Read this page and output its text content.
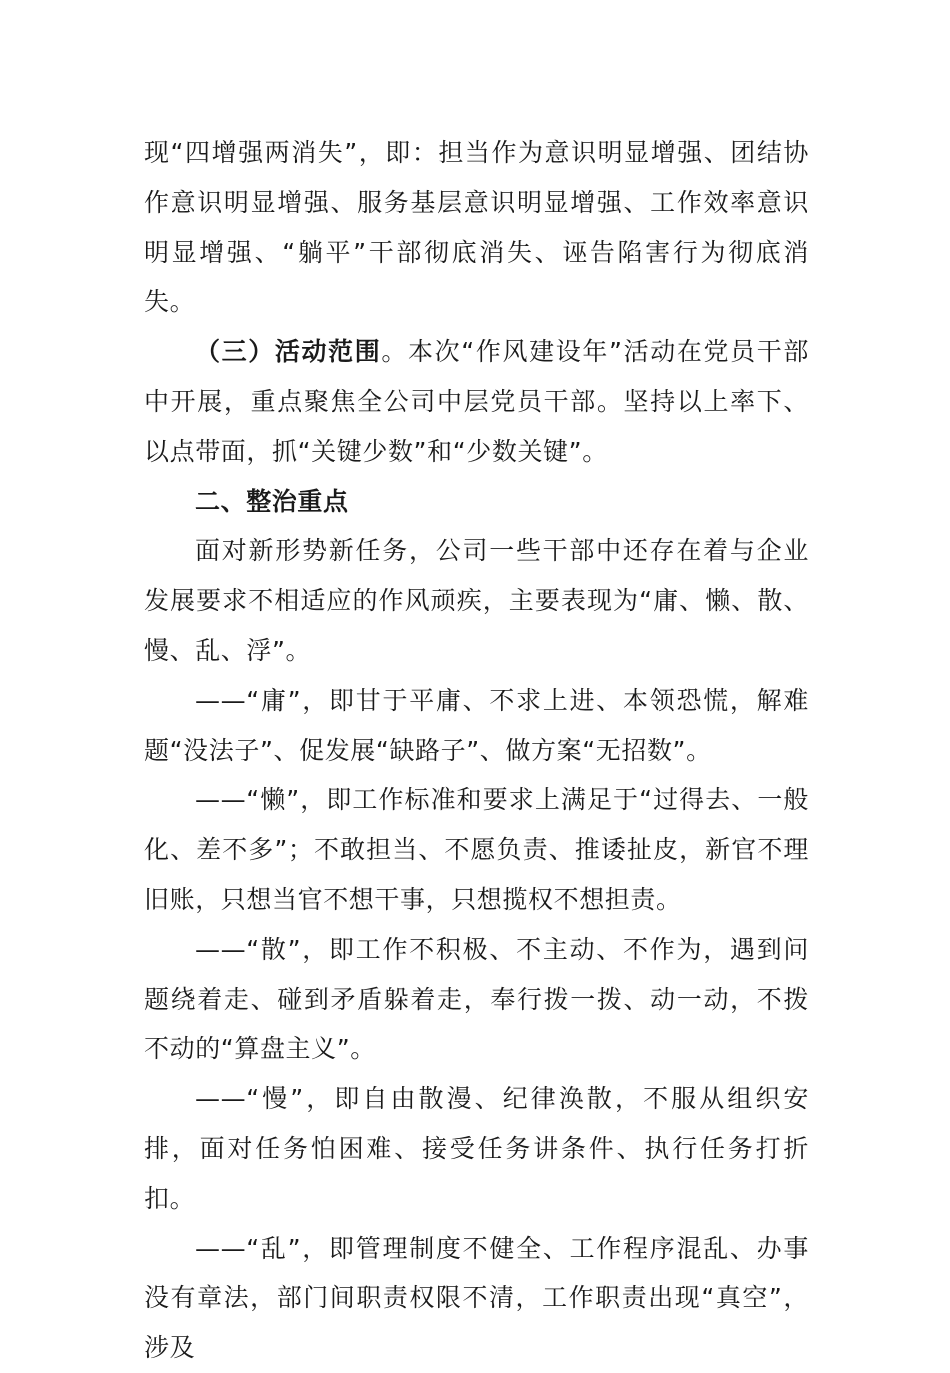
现“四增强两消失”，即：担当作为意识明显增强、团结协作意识明显增强、服务基层意识明显增强、工作效率意识明显增强、“躺平”干部彻底消失、诬告陷害行为彻底消失。

（三）活动范围。本次“作风建设年”活动在党员干部中开展，重点聚焦全公司中层党员干部。坚持以上率下、以点带面，抓“关键少数”和“少数关键”。

二、整治重点

面对新形势新任务，公司一些干部中还存在着与企业发展要求不相适应的作风顽疾，主要表现为“庸、懒、散、慢、乱、浮”。

——“庸”，即甘于平庸、不求上进、本领恐慌，解难题“没法子”、促发展“缺路子”、做方案“无招数”。

——“懒”，即工作标准和要求上满足于“过得去、一般化、差不多”；不敢担当、不愿负责、推诿扯皮，新官不理旧账，只想当官不想干事，只想揽权不想担责。

——“散”，即工作不积极、不主动、不作为，遇到问题绕着走、碰到矛盾躲着走，奉行拨一拨、动一动，不拨不动的“算盘主义”。

——“慢”，即自由散漫、纪律涣散，不服从组织安排，面对任务怕困难、接受任务讲条件、执行任务打折扣。

——“乱”，即管理制度不健全、工作程序混乱、办事没有章法，部门间职责权限不清，工作职责出现“真空”，涉及
